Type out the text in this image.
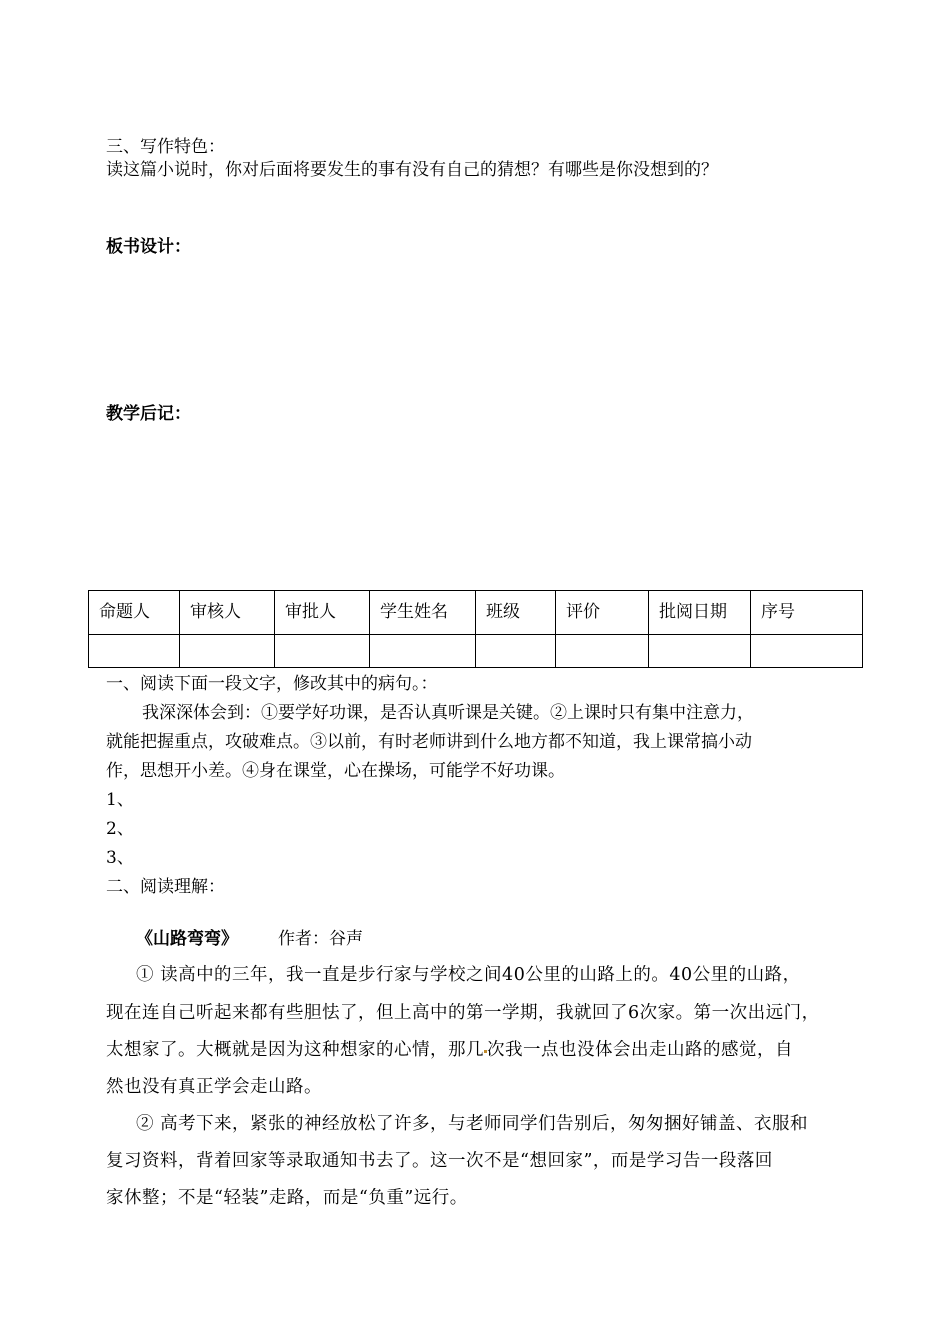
三、写作特色：
读这篇小说时，你对后面将要发生的事有没有自己的猜想？有哪些是你没想到的？
板书设计：
教学后记：
命题人	审核人	审批人	学生姓名	班级	评价	批阅日期	序号

一、阅读下面一段文字，修改其中的病句。：
我深深体会到：①要学好功课，是否认真听课是关键。②上课时只有集中注意力，
就能把握重点，攻破难点。③以前，有时老师讲到什么地方都不知道，我上课常搞小动
作，思想开小差。④身在课堂，心在操场，可能学不好功课。
1、
2、
3、
二、阅读理解：
《山路弯弯》 作者：谷声
① 读高中的三年，我一直是步行家与学校之间40公里的山路上的。40公里的山路，
现在连自己听起来都有些胆怯了，但上高中的第一学期，我就回了6次家。第一次出远门，
太想家了。大概就是因为这种想家的心情，那几 次我一点也没体会出走山路的感觉，自
然也没有真正学会走山路。
② 高考下来，紧张的神经放松了许多，与老师同学们告别后，匆匆捆好铺盖、衣服和
复习资料，背着回家等录取通知书去了。这一次不是“想回家”，而是学习告一段落回
家休整；不是“轻装”走路，而是“负重”远行。
